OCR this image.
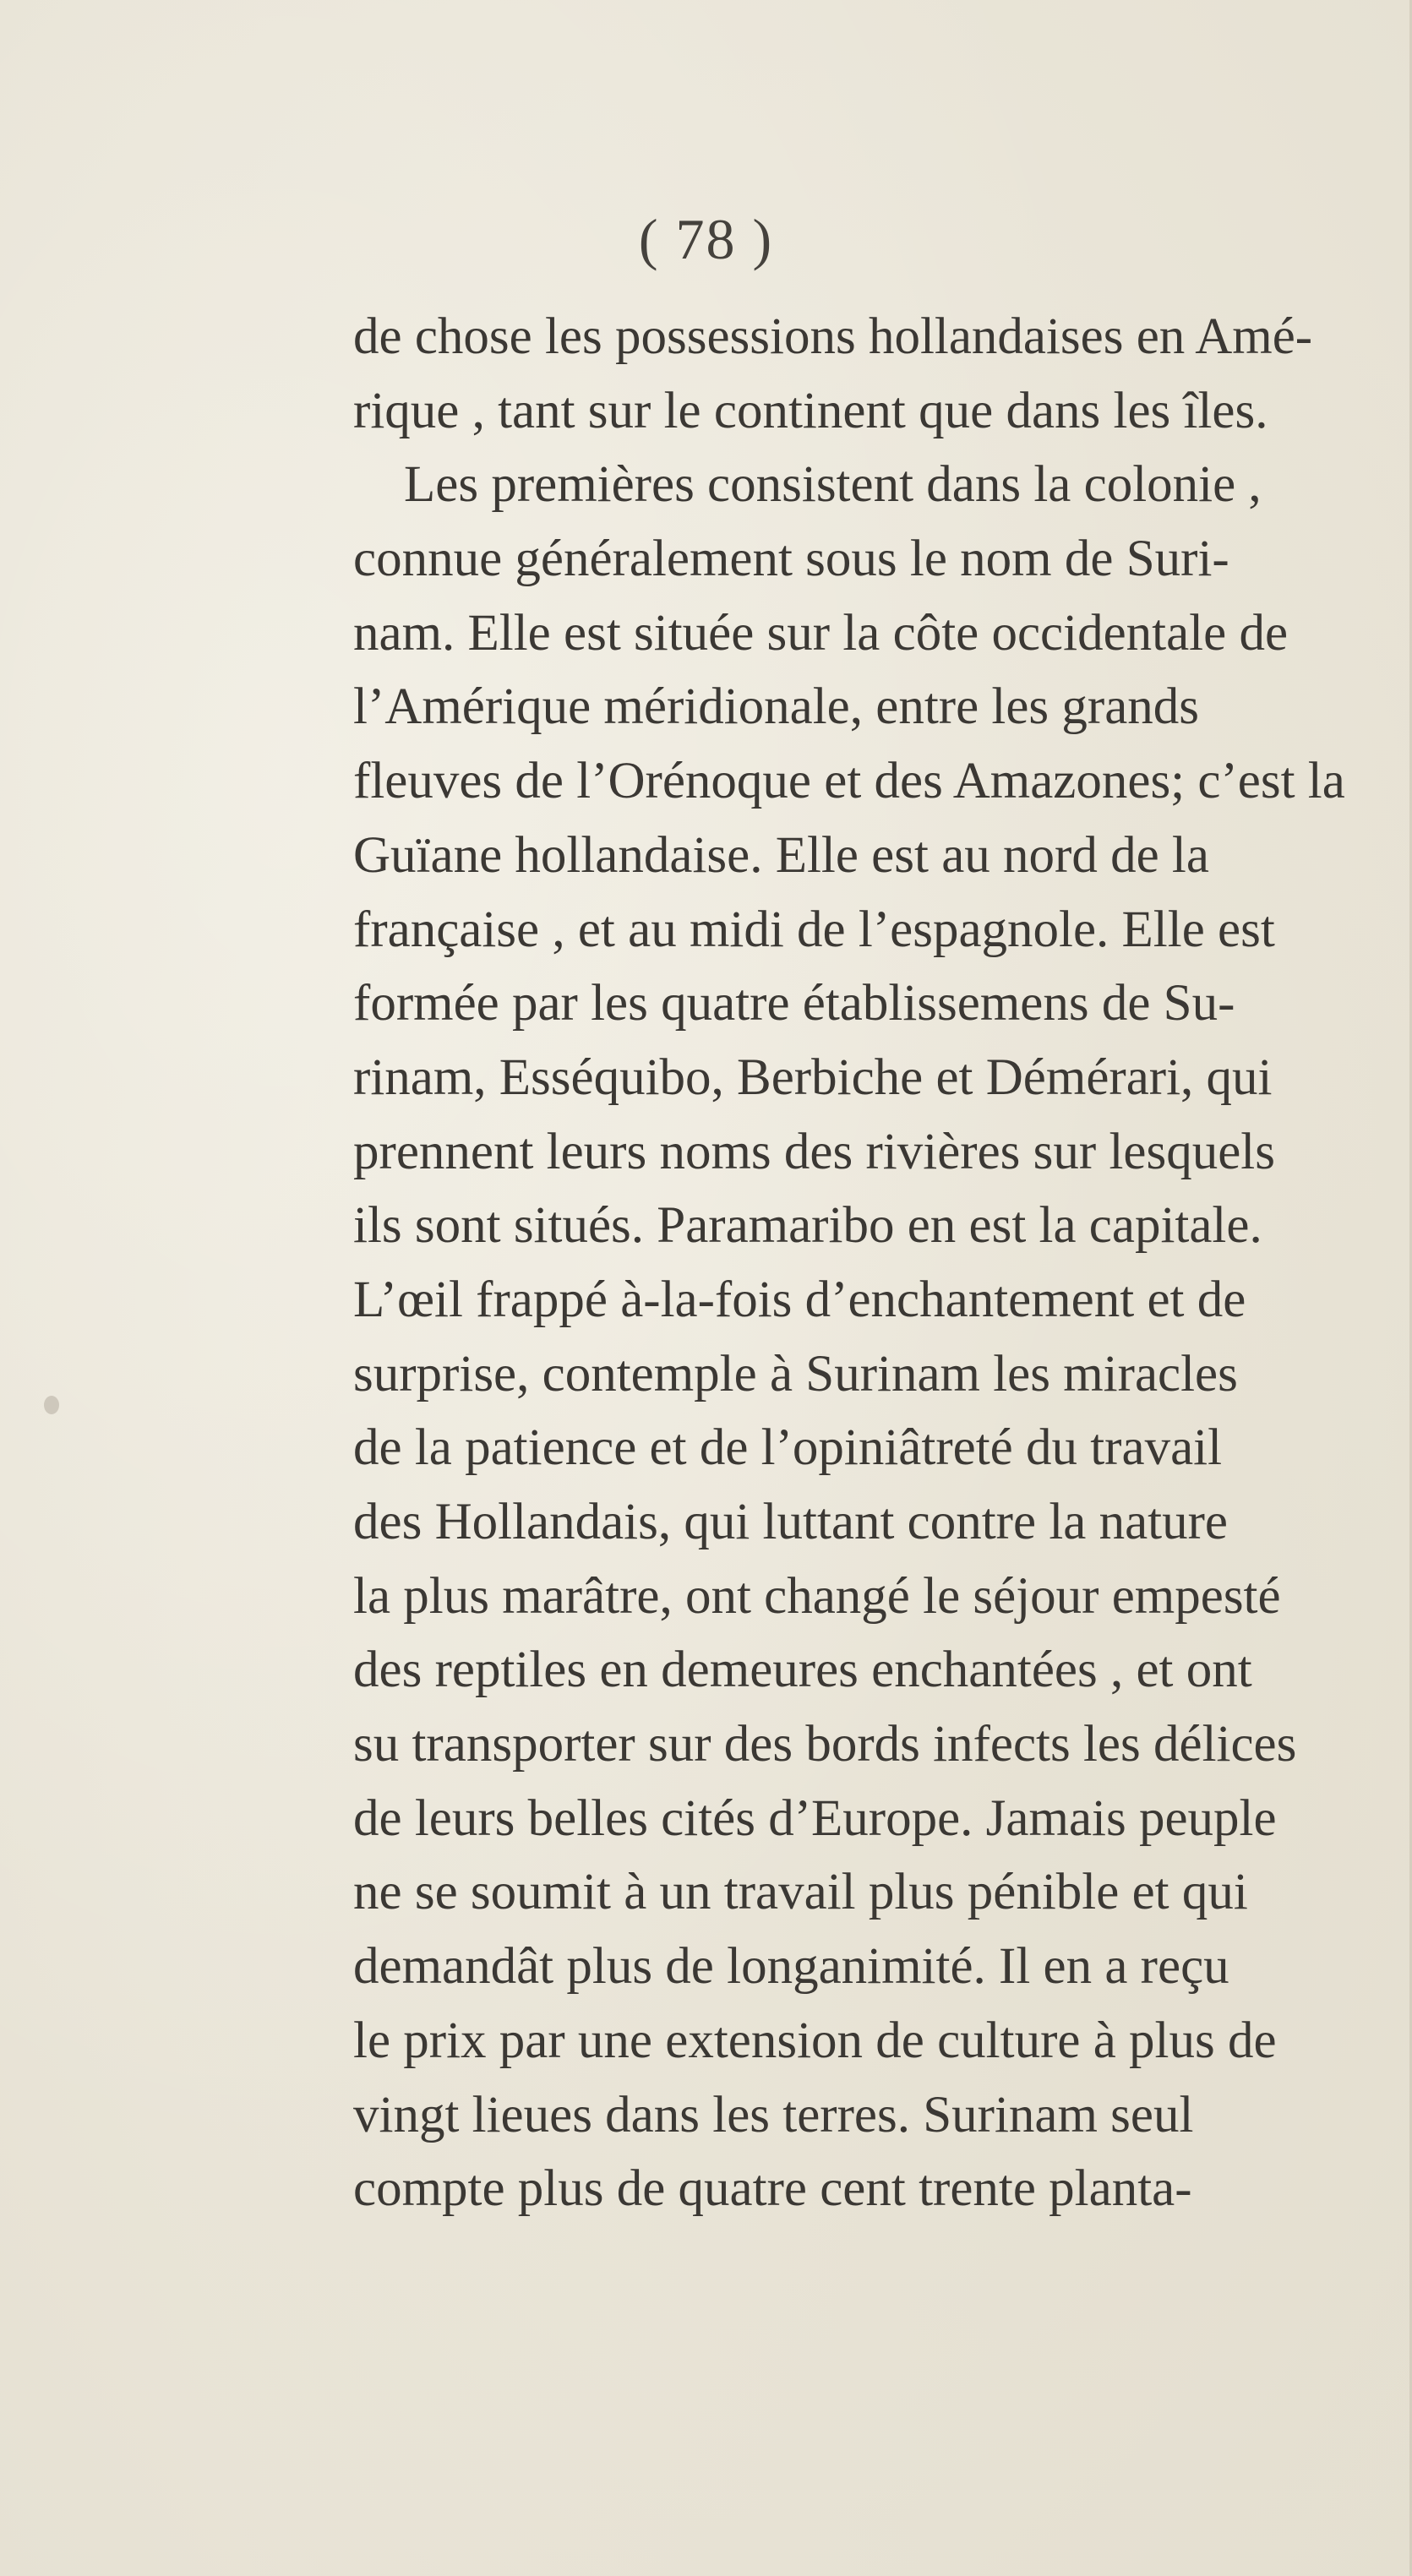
( 78 )
de chose les possessions hollandaises en Amé-
rique , tant sur le continent que dans les îles.
Les premières consistent dans la colonie ,
connue généralement sous le nom de Suri-
nam. Elle est située sur la côte occidentale de
l’Amérique méridionale, entre les grands
fleuves de l’Orénoque et des Amazones; c’est la
Guïane hollandaise. Elle est au nord de la
française , et au midi de l’espagnole. Elle est
formée par les quatre établissemens de Su-
rinam, Esséquibo, Berbiche et Démérari, qui
prennent leurs noms des rivières sur lesquels
ils sont situés. Paramaribo en est la capitale.
L’œil frappé à-la-fois d’enchantement et de
surprise, contemple à Surinam les miracles
de la patience et de l’opiniâtreté du travail
des Hollandais, qui luttant contre la nature
la plus marâtre, ont changé le séjour empesté
des reptiles en demeures enchantées , et ont
su transporter sur des bords infects les délices
de leurs belles cités d’Europe. Jamais peuple
ne se soumit à un travail plus pénible et qui
demandât plus de longanimité. Il en a reçu
le prix par une extension de culture à plus de
vingt lieues dans les terres. Surinam seul
compte plus de quatre cent trente planta-
